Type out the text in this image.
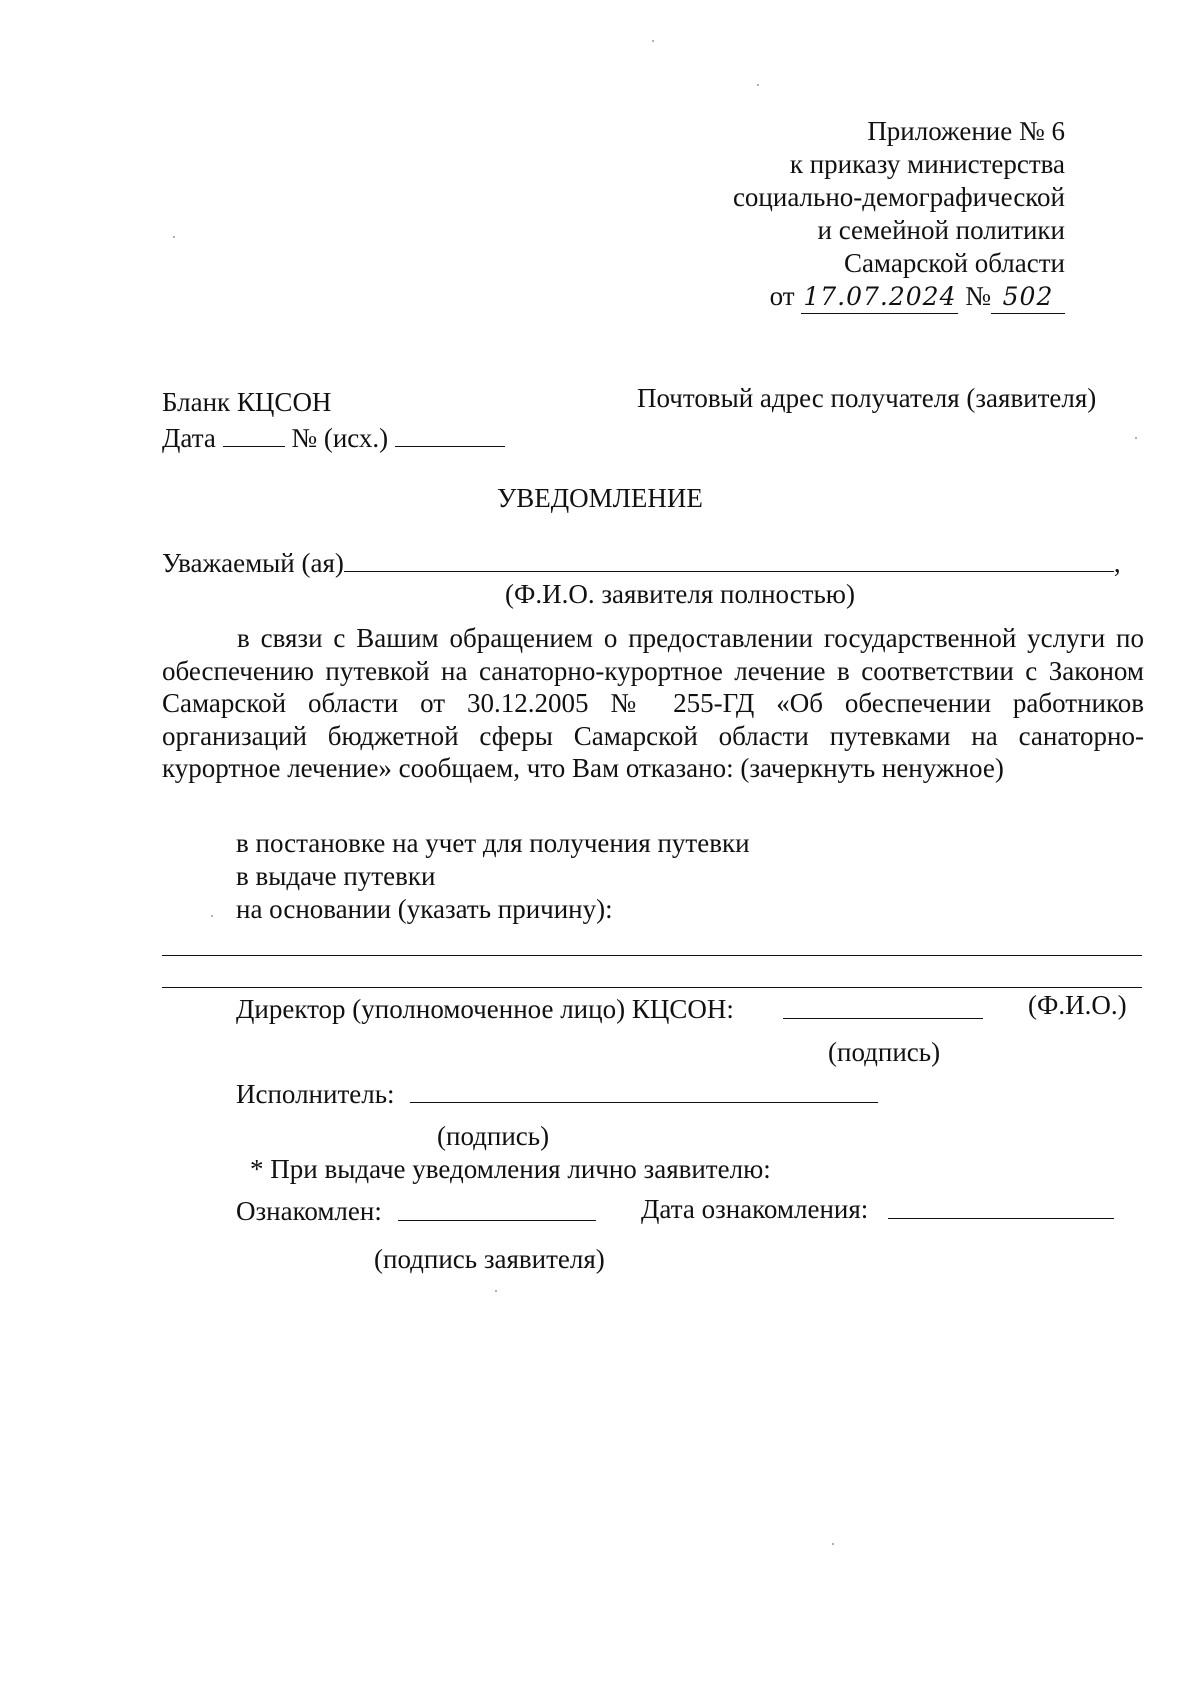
Приложение № 6
к приказу министерства
социально-демографической
и семейной политики
Самарской области
от 17.07.2024 № 502
Бланк КЦСОН
Дата	№ (исх.)
Почтовый адрес получателя (заявителя)
УВЕДОМЛЕНИЕ
Уважаемый (ая)	,
(Ф.И.О. заявителя полностью)
в связи с Вашим обращением о предоставлении государственной услуги по обеспечению путевкой на санаторно-курортное лечение в соответствии с Законом Самарской области от 30.12.2005 № 255-ГД «Об обеспечении работников организаций бюджетной сферы Самарской области путевками на санаторно-курортное лечение» сообщаем, что Вам отказано: (зачеркнуть ненужное)
в постановке на учет для получения путевки
в выдаче путевки
на основании (указать причину):
Директор (уполномоченное лицо) КЦСОН:	(Ф.И.О.)
(подпись)
Исполнитель:
(подпись)
* При выдаче уведомления лично заявителю:
Ознакомлен:	Дата ознакомления:
(подпись заявителя)
